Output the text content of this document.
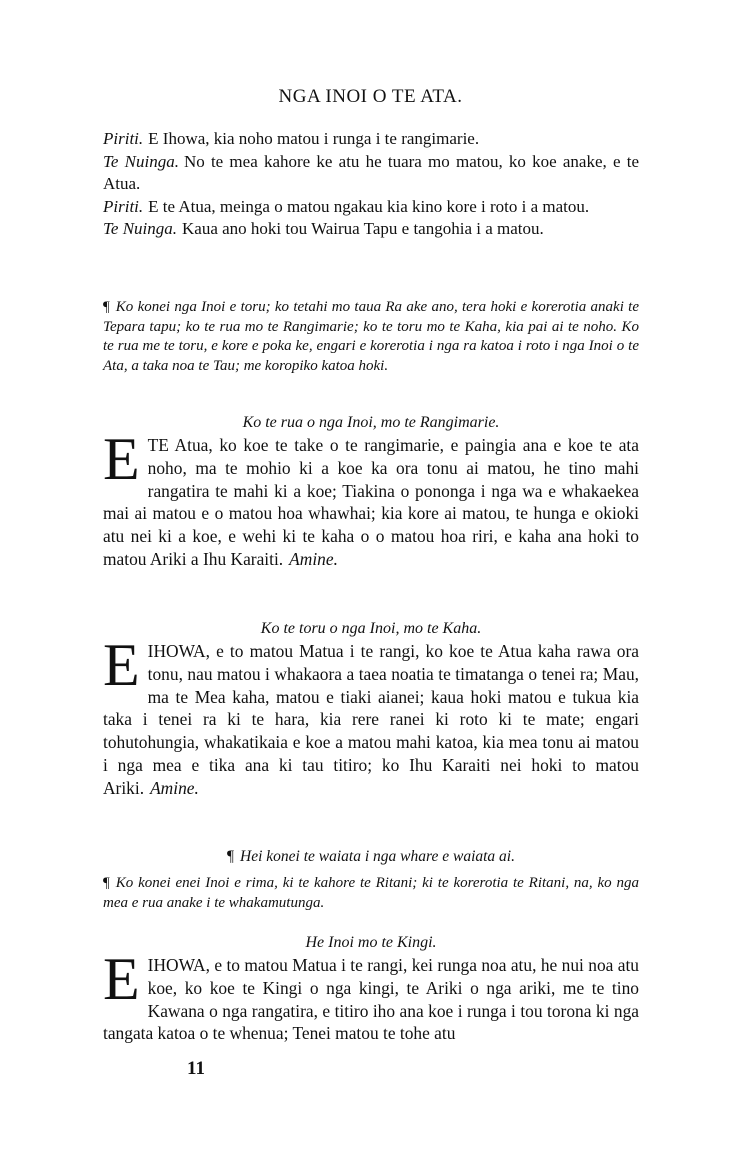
NGA INOI O TE ATA.

Piriti. E Ihowa, kia noho matou i runga i te rangimarie.

Te Nuinga. No te mea kahore ke atu he tuara mo matou, ko koe anake, e te Atua.

Piriti. E te Atua, meinga o matou ngakau kia kino kore i roto i a matou.

Te Nuinga. Kaua ano hoki tou Wairua Tapu e tangohia i a matou.

¶ Ko konei nga Inoi e toru; ko tetahi mo taua Ra ake ano, tera hoki e korerotia anaki te Tepara tapu; ko te rua mo te Rangimarie; ko te toru mo te Kaha, kia pai ai te noho. Ko te rua me te toru, e kore e poka ke, engari e korerotia i nga ra katoa i roto i nga Inoi o te Ata, a taka noa te Tau; me koropiko katoa hoki.

Ko te rua o nga Inoi, mo te Rangimarie.

ETE Atua, ko koe te take o te rangimarie, e paingia ana e koe te ata noho, ma te mohio ki a koe ka ora tonu ai matou, he tino mahi rangatira te mahi ki a koe; Tiakina o pononga i nga wa e whakaekea mai ai matou e o matou hoa whawhai; kia kore ai matou, te hunga e okioki atu nei ki a koe, e wehi ki te kaha o o matou hoa riri, e kaha ana hoki to matou Ariki a Ihu Karaiti. Amine.

Ko te toru o nga Inoi, mo te Kaha.

EIHOWA, e to matou Matua i te rangi, ko koe te Atua kaha rawa ora tonu, nau matou i whakaora a taea noatia te timatanga o tenei ra; Mau, ma te Mea kaha, matou e tiaki aianei; kaua hoki matou e tukua kia taka i tenei ra ki te hara, kia rere ranei ki roto ki te mate; engari tohutohungia, whakatikaia e koe a matou mahi katoa, kia mea tonu ai matou i nga mea e tika ana ki tau titiro; ko Ihu Karaiti nei hoki to matou Ariki. Amine.

¶ Hei konei te waiata i nga whare e waiata ai.

¶ Ko konei enei Inoi e rima, ki te kahore te Ritani; ki te korerotia te Ritani, na, ko nga mea e rua anake i te whakamutunga.

He Inoi mo te Kingi.

EIHOWA, e to matou Matua i te rangi, kei runga noa atu, he nui noa atu koe, ko koe te Kingi o nga kingi, te Ariki o nga ariki, me te tino Kawana o nga rangatira, e titiro iho ana koe i runga i tou torona ki nga tangata katoa o te whenua; Tenei matou te tohe atu

11
